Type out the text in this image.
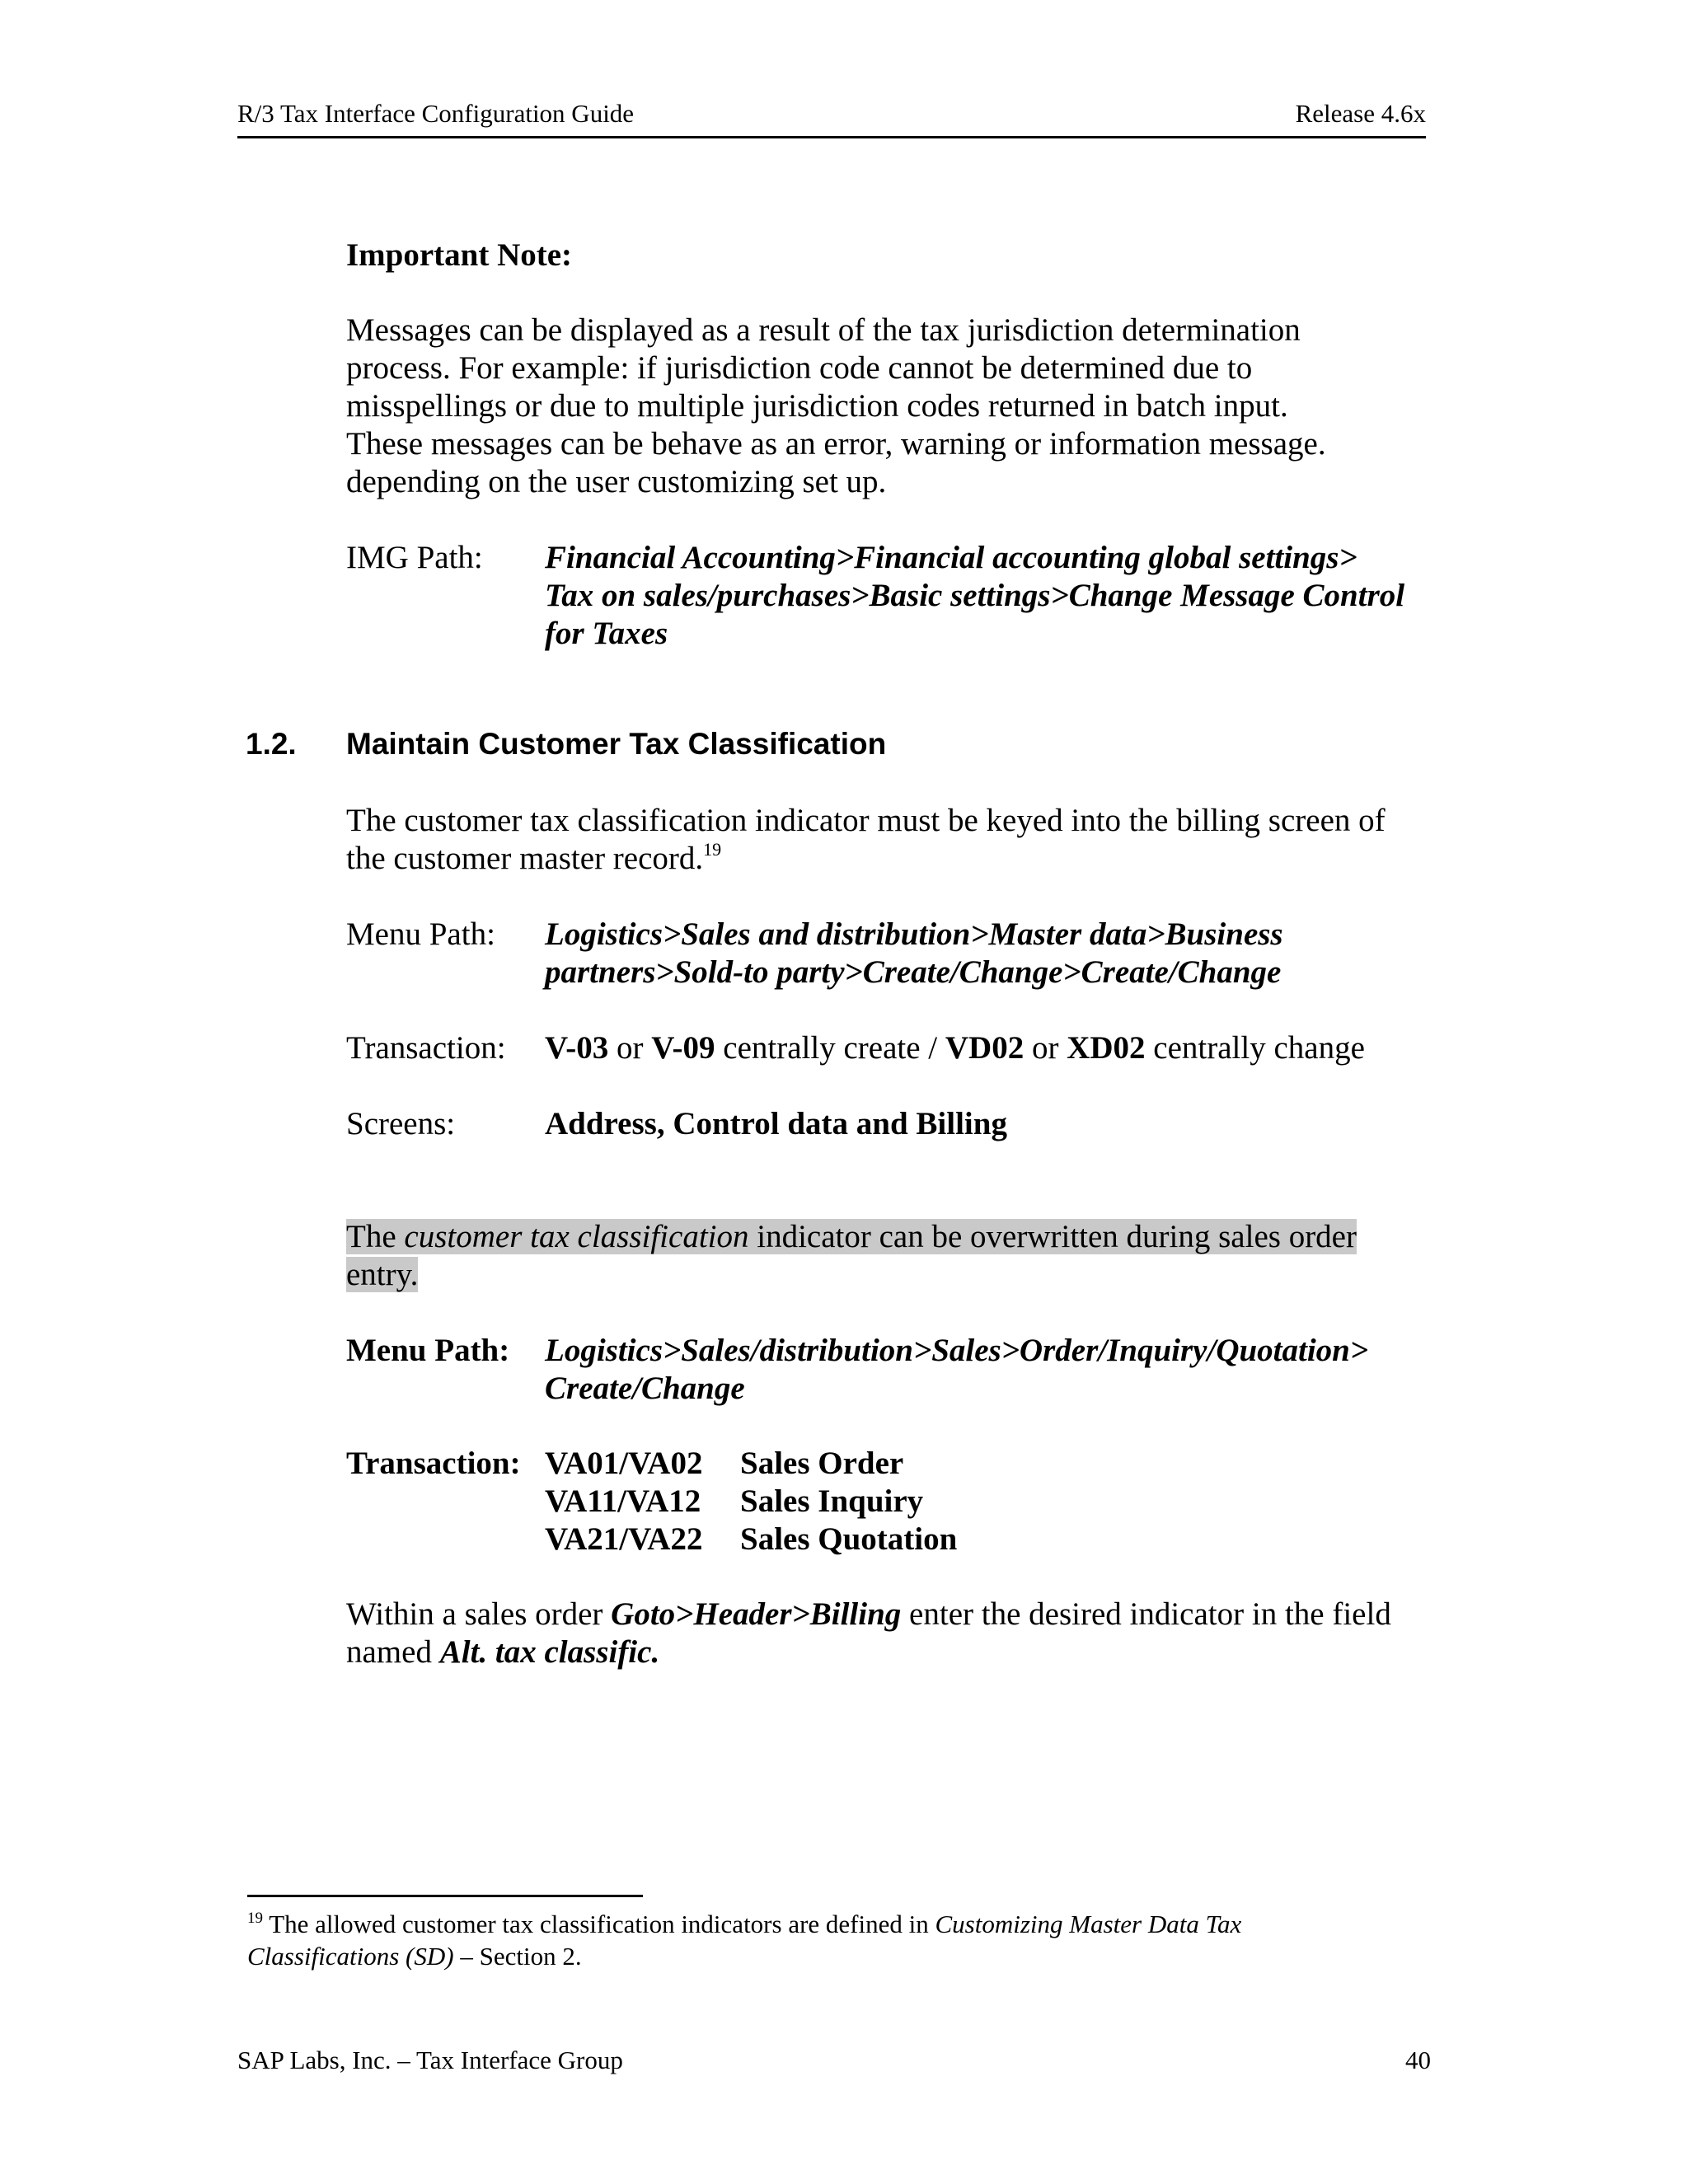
R/3 Tax Interface Configuration Guide	Release 4.6x
Important Note:
Messages can be displayed as a result of the tax jurisdiction determination
process. For example: if jurisdiction code cannot be determined due to
misspellings or due to multiple jurisdiction codes returned in batch input.
These messages can be behave as an error, warning or information message.
depending on the user customizing set up.
IMG Path: Financial Accounting>Financial accounting global settings>
Tax on sales/purchases>Basic settings>Change Message Control
for Taxes
1.2. Maintain Customer Tax Classification
The customer tax classification indicator must be keyed into the billing screen of
the customer master record.$^{19}$
Menu Path: Logistics>Sales and distribution>Master data>Business
partners>Sold-to party>Create/Change>Create/Change
Transaction: V-03 or V-09 centrally create / VD02 or XD02 centrally change
Screens:	Address, Control data and Billing
The customer tax classification indicator can be overwritten during sales order
entry.
Menu Path: Logistics>Sales/distribution>Sales>Order/Inquiry/Quotation>
Create/Change
Transaction: VA01/VA02 Sales Order
VA11/VA12 Sales Inquiry
VA21/VA22 Sales Quotation
Within a sales order Goto>Header>Billing enter the desired indicator in the field
named Alt. tax classific.
$^{19}$ The allowed customer tax classification indicators are defined in Customizing Master Data Tax
Classifications (SD) – Section 2.
SAP Labs, Inc. – Tax Interface Group	40
